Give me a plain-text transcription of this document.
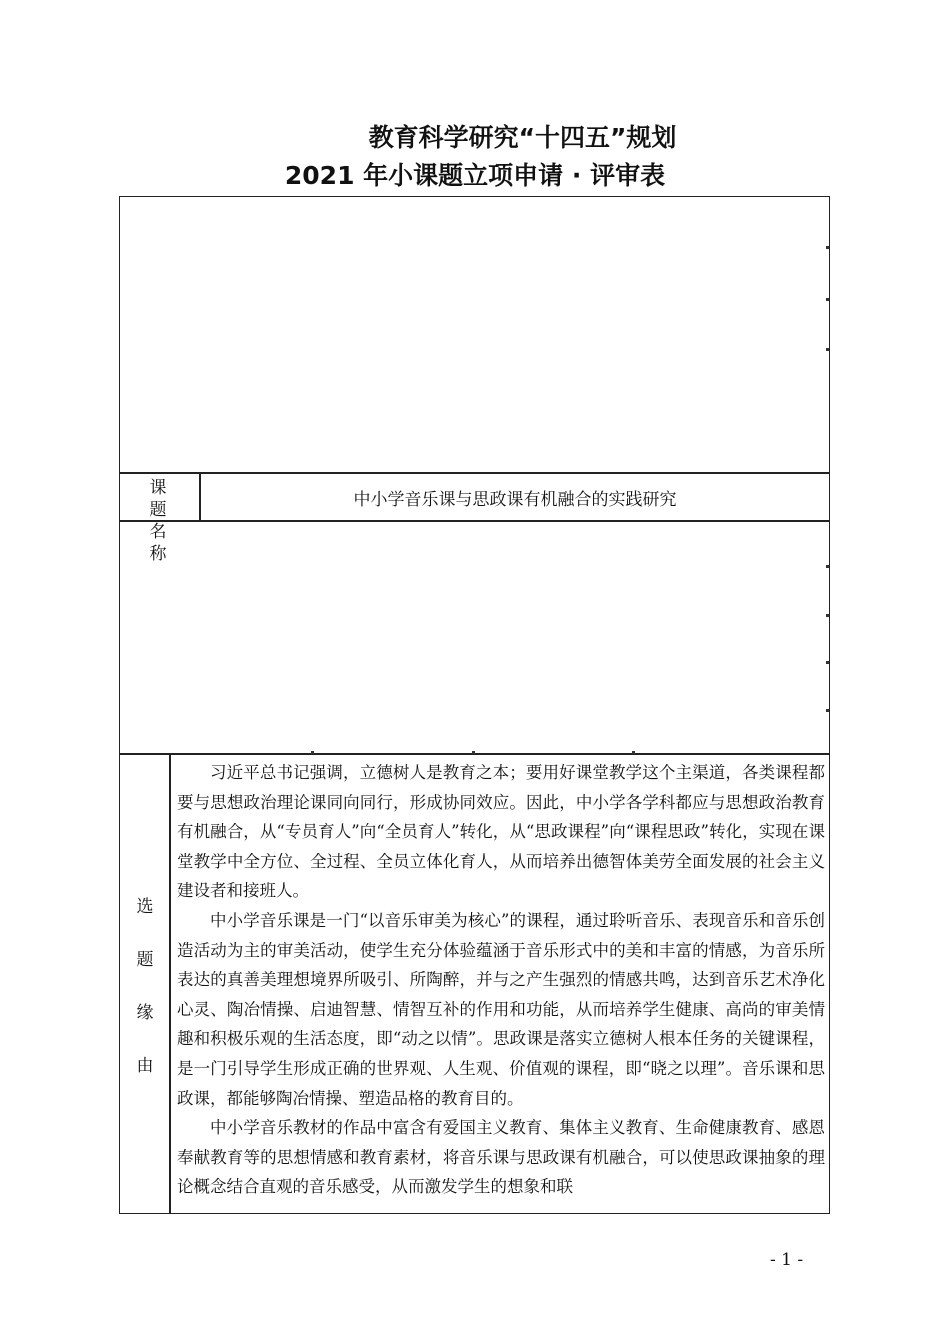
教育科学研究“十四五”规划
2021 年小课题立项申请 · 评审表
课 题 名 称
中小学音乐课与思政课有机融合的实践研究
选
题
缘
由

习近平总书记强调，立德树人是教育之本；要用好课堂教学这个主渠道，各类课程都要与思想政治理论课同向同行，形成协同效应。因此，中小学各学科都应与思想政治教育有机融合，从“专员育人”向“全员育人”转化，从“思政课程”向“课程思政”转化，实现在课堂教学中全方位、全过程、全员立体化育人，从而培养出德智体美劳全面发展的社会主义建设者和接班人。

中小学音乐课是一门“以音乐审美为核心”的课程，通过聆听音乐、表现音乐和音乐创造活动为主的审美活动，使学生充分体验蕴涵于音乐形式中的美和丰富的情感，为音乐所表达的真善美理想境界所吸引、所陶醉，并与之产生强烈的情感共鸣，达到音乐艺术净化心灵、陶冶情操、启迪智慧、情智互补的作用和功能，从而培养学生健康、高尚的审美情趣和积极乐观的生活态度，即“动之以情”。思政课是落实立德树人根本任务的关键课程，是一门引导学生形成正确的世界观、人生观、价值观的课程，即“晓之以理”。音乐课和思政课，都能够陶冶情操、塑造品格的教育目的。

中小学音乐教材的作品中富含有爱国主义教育、集体主义教育、生命健康教育、感恩奉献教育等的思想情感和教育素材，将音乐课与思政课有机融合，可以使思政课抽象的理论概念结合直观的音乐感受，从而激发学生的想象和联

- 1 -
